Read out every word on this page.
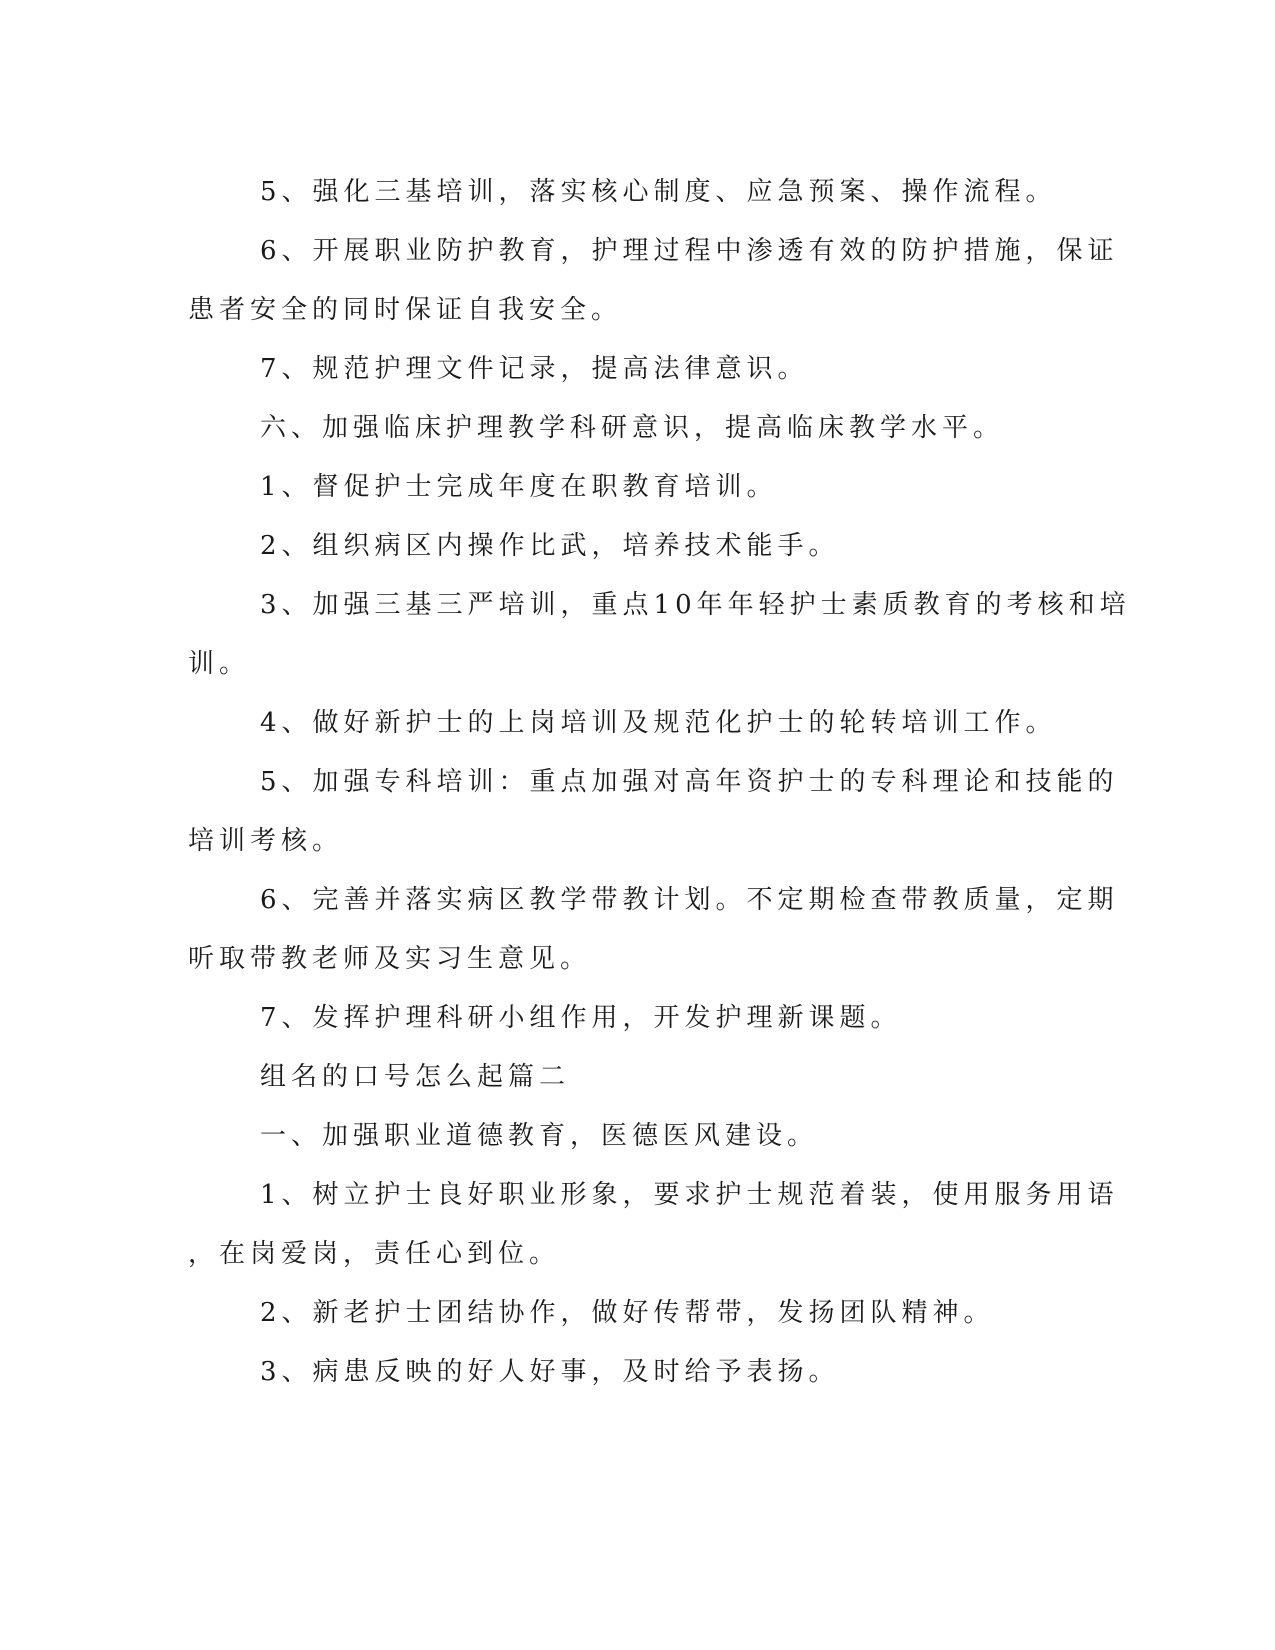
5、强化三基培训，落实核心制度、应急预案、操作流程。

6、开展职业防护教育，护理过程中渗透有效的防护措施，保证

患者安全的同时保证自我安全。

7、规范护理文件记录，提高法律意识。

六、加强临床护理教学科研意识，提高临床教学水平。

1、督促护士完成年度在职教育培训。

2、组织病区内操作比武，培养技术能手。

3、加强三基三严培训，重点10年年轻护士素质教育的考核和培

训。

4、做好新护士的上岗培训及规范化护士的轮转培训工作。

5、加强专科培训：重点加强对高年资护士的专科理论和技能的

培训考核。

6、完善并落实病区教学带教计划。不定期检查带教质量，定期

听取带教老师及实习生意见。

7、发挥护理科研小组作用，开发护理新课题。

组名的口号怎么起篇二

一、加强职业道德教育，医德医风建设。

1、树立护士良好职业形象，要求护士规范着装，使用服务用语

，在岗爱岗，责任心到位。

2、新老护士团结协作，做好传帮带，发扬团队精神。

3、病患反映的好人好事，及时给予表扬。
